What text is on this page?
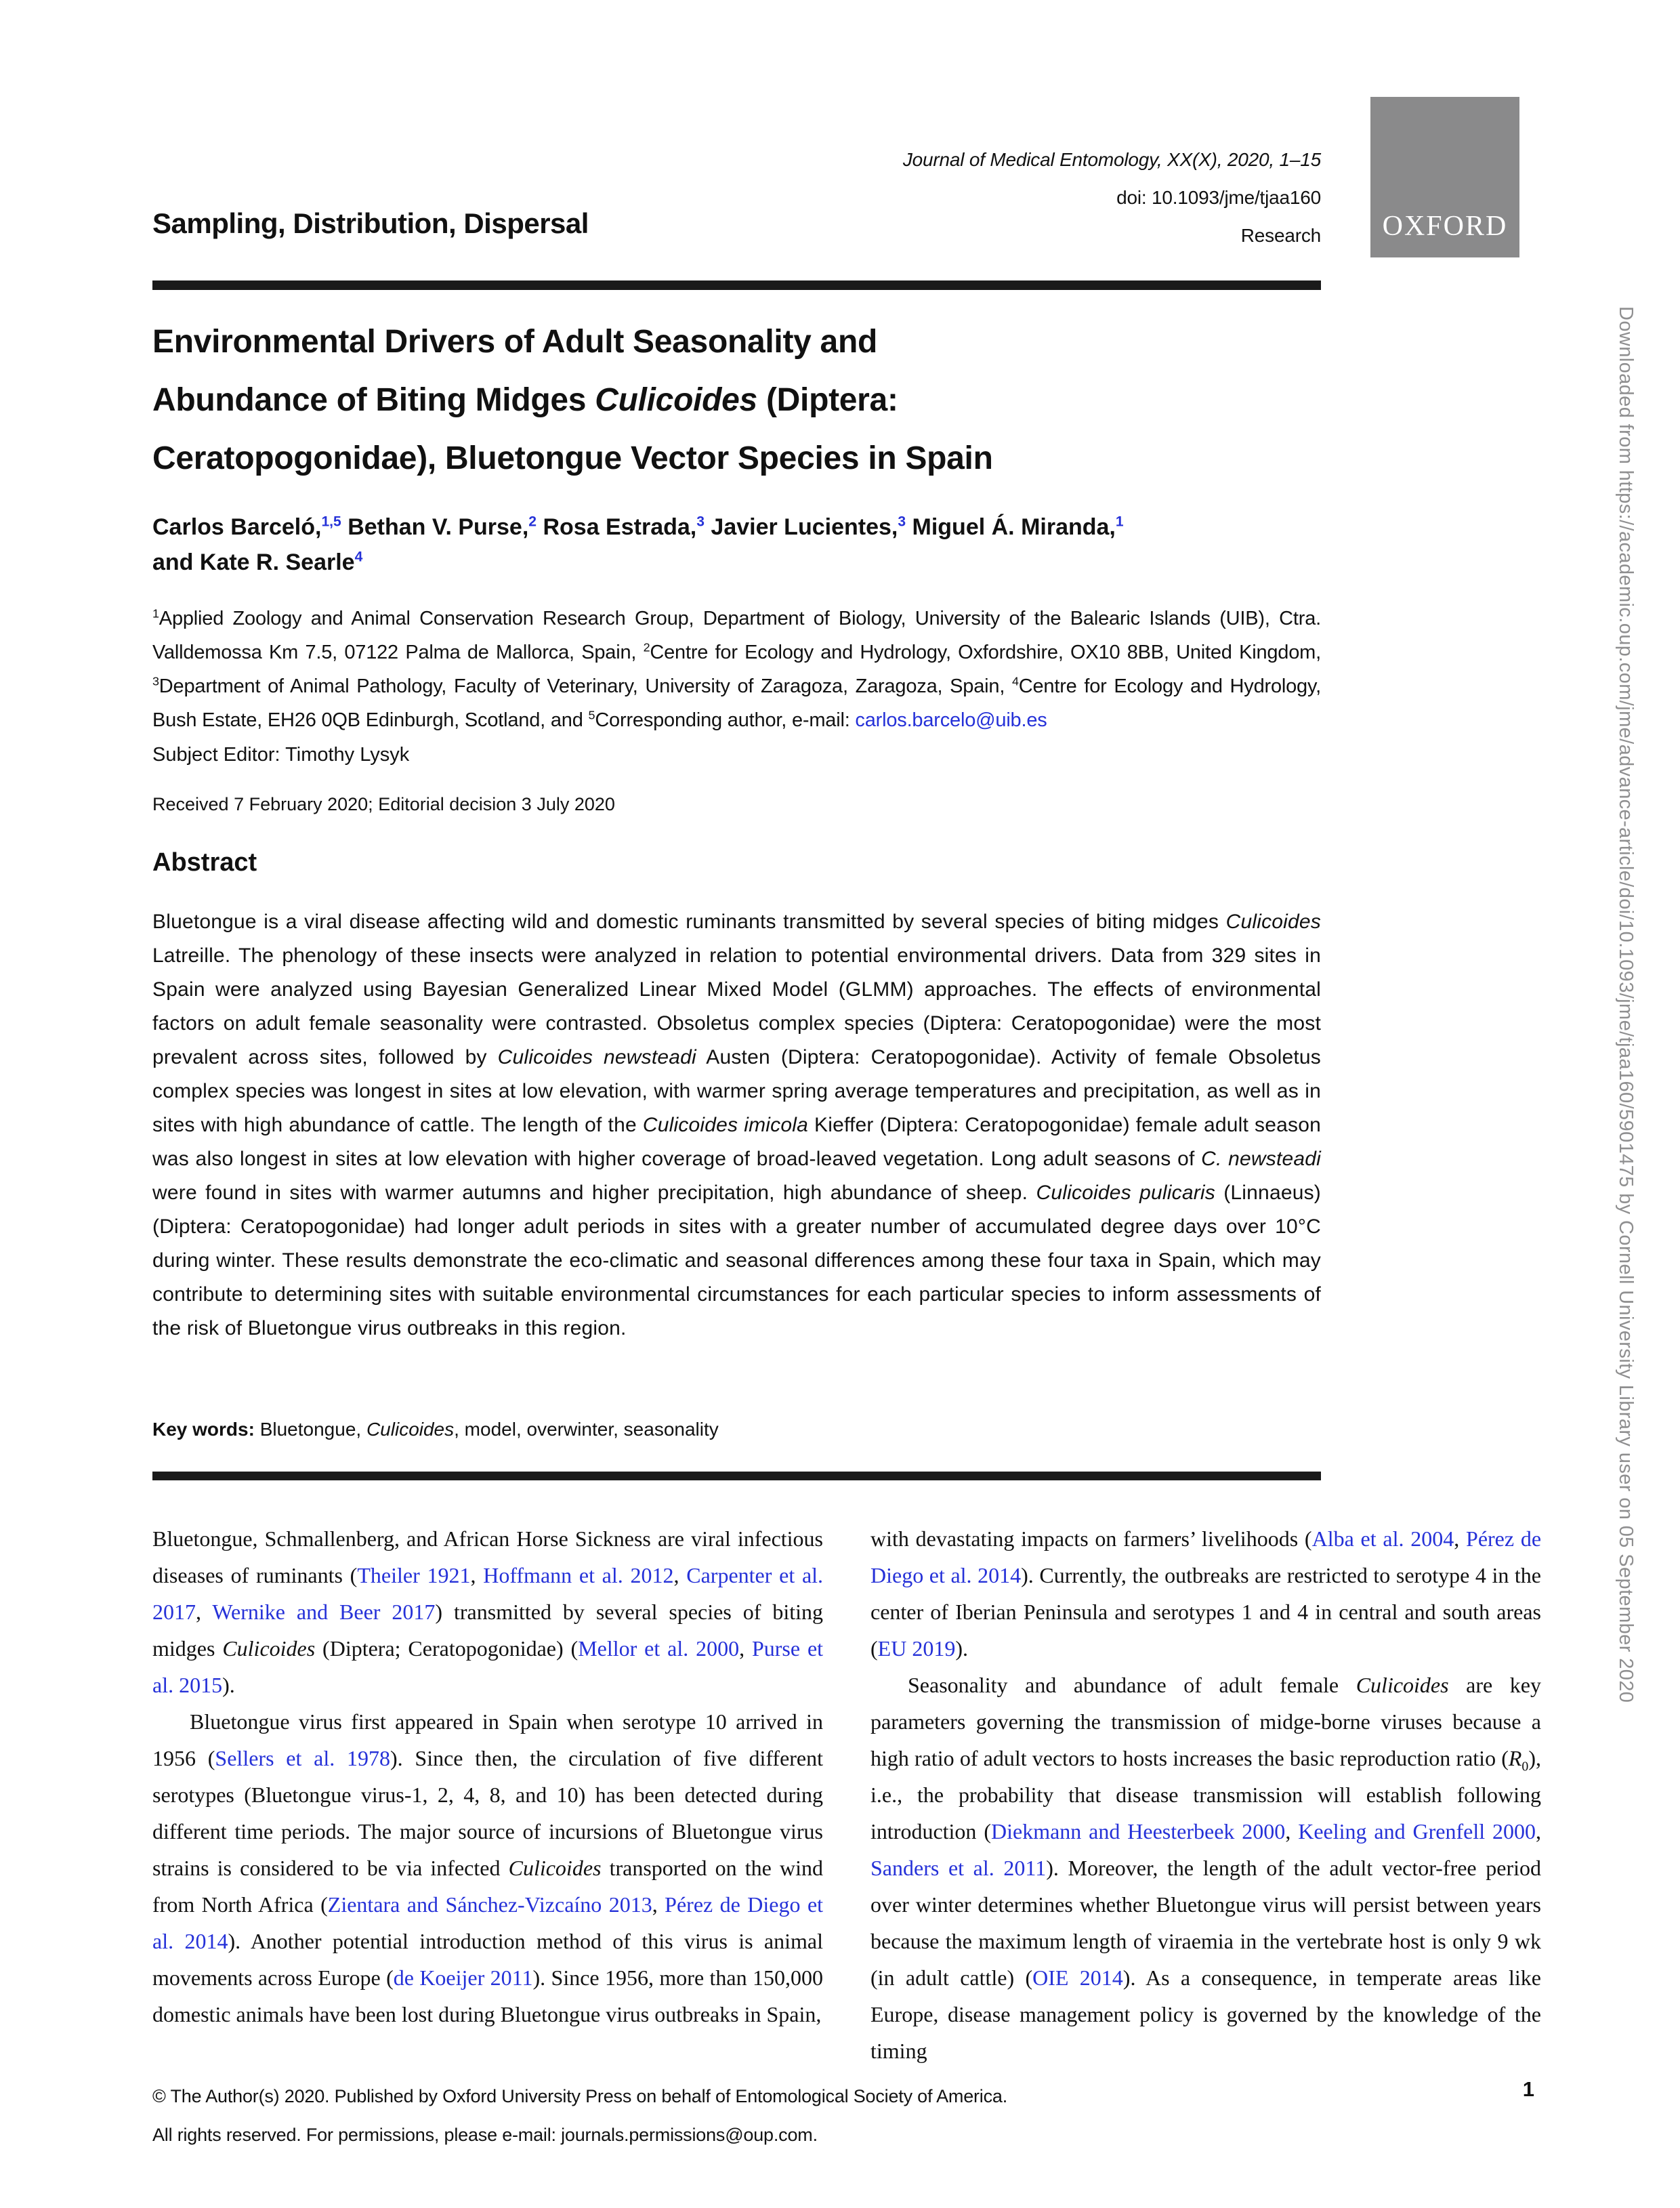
Journal of Medical Entomology, XX(X), 2020, 1–15
doi: 10.1093/jme/tjaa160
Research
Sampling, Distribution, Dispersal	OXFORD
Environmental Drivers of Adult Seasonality and
Abundance of Biting Midges Culicoides (Diptera:
Ceratopogonidae), Bluetongue Vector Species in Spain
Carlos Barceló,$^{1,5}$ Bethan V. Purse,$^2$ Rosa Estrada,$^3$ Javier Lucientes,$^3$ Miguel Á. Miranda,$^1$
and Kate R. Searle$^4$
$^1$Applied Zoology and Animal Conservation Research Group, Department of Biology, University of the Balearic Islands (UIB), Ctra. Valldemossa Km 7.5, 07122 Palma de Mallorca, Spain, $^2$Centre for Ecology and Hydrology, Oxfordshire, OX10 8BB, United Kingdom, $^3$Department of Animal Pathology, Faculty of Veterinary, University of Zaragoza, Zaragoza, Spain, $^4$Centre for Ecology and Hydrology, Bush Estate, EH26 0QB Edinburgh, Scotland, and $^5$Corresponding author, e-mail: carlos.barcelo@uib.es
Subject Editor: Timothy Lysyk
Received 7 February 2020; Editorial decision 3 July 2020
Abstract
Bluetongue is a viral disease affecting wild and domestic ruminants transmitted by several species of biting midges Culicoides Latreille. The phenology of these insects were analyzed in relation to potential environmental drivers. Data from 329 sites in Spain were analyzed using Bayesian Generalized Linear Mixed Model (GLMM) approaches. The effects of environmental factors on adult female seasonality were contrasted. Obsoletus complex species (Diptera: Ceratopogonidae) were the most prevalent across sites, followed by Culicoides newsteadi Austen (Diptera: Ceratopogonidae). Activity of female Obsoletus complex species was longest in sites at low elevation, with warmer spring average temperatures and precipitation, as well as in sites with high abundance of cattle. The length of the Culicoides imicola Kieffer (Diptera: Ceratopogonidae) female adult season was also longest in sites at low elevation with higher coverage of broad-leaved vegetation. Long adult seasons of C. newsteadi were found in sites with warmer autumns and higher precipitation, high abundance of sheep. Culicoides pulicaris (Linnaeus) (Diptera: Ceratopogonidae) had longer adult periods in sites with a greater number of accumulated degree days over 10°C during winter. These results demonstrate the eco-climatic and seasonal differences among these four taxa in Spain, which may contribute to determining sites with suitable environmental circumstances for each particular species to inform assessments of the risk of Bluetongue virus outbreaks in this region.
Key words: Bluetongue, Culicoides, model, overwinter, seasonality

Bluetongue, Schmallenberg, and African Horse Sickness are viral infectious diseases of ruminants (Theiler 1921, Hoffmann et al. 2012, Carpenter et al. 2017, Wernike and Beer 2017) transmitted by several species of biting midges Culicoides (Diptera; Ceratopogonidae) (Mellor et al. 2000, Purse et al. 2015).

Bluetongue virus first appeared in Spain when serotype 10 arrived in 1956 (Sellers et al. 1978). Since then, the circulation of five different serotypes (Bluetongue virus-1, 2, 4, 8, and 10) has been detected during different time periods. The major source of incursions of Bluetongue virus strains is considered to be via infected Culicoides transported on the wind from North Africa (Zientara and Sánchez-Vizcaíno 2013, Pérez de Diego et al. 2014). Another potential introduction method of this virus is animal movements across Europe (de Koeijer 2011). Since 1956, more than 150,000 domestic animals have been lost during Bluetongue virus outbreaks in Spain,

with devastating impacts on farmers’ livelihoods (Alba et al. 2004, Pérez de Diego et al. 2014). Currently, the outbreaks are restricted to serotype 4 in the center of Iberian Peninsula and serotypes 1 and 4 in central and south areas (EU 2019).

Seasonality and abundance of adult female Culicoides are key parameters governing the transmission of midge-borne viruses because a high ratio of adult vectors to hosts increases the basic reproduction ratio $(R_0)$, i.e., the probability that disease transmission will establish following introduction (Diekmann and Heesterbeek 2000, Keeling and Grenfell 2000, Sanders et al. 2011). Moreover, the length of the adult vector-free period over winter determines whether Bluetongue virus will persist between years because the maximum length of viraemia in the vertebrate host is only 9 wk (in adult cattle) (OIE 2014). As a consequence, in temperate areas like Europe, disease management policy is governed by the knowledge of the timing

© The Author(s) 2020. Published by Oxford University Press on behalf of Entomological Society of America.
All rights reserved. For permissions, please e-mail: journals.permissions@oup.com.
1
Downloaded from https://academic.oup.com/jme/advance-article/doi/10.1093/jme/tjaa160/5901475 by Cornell University Library user on 05 September 2020
